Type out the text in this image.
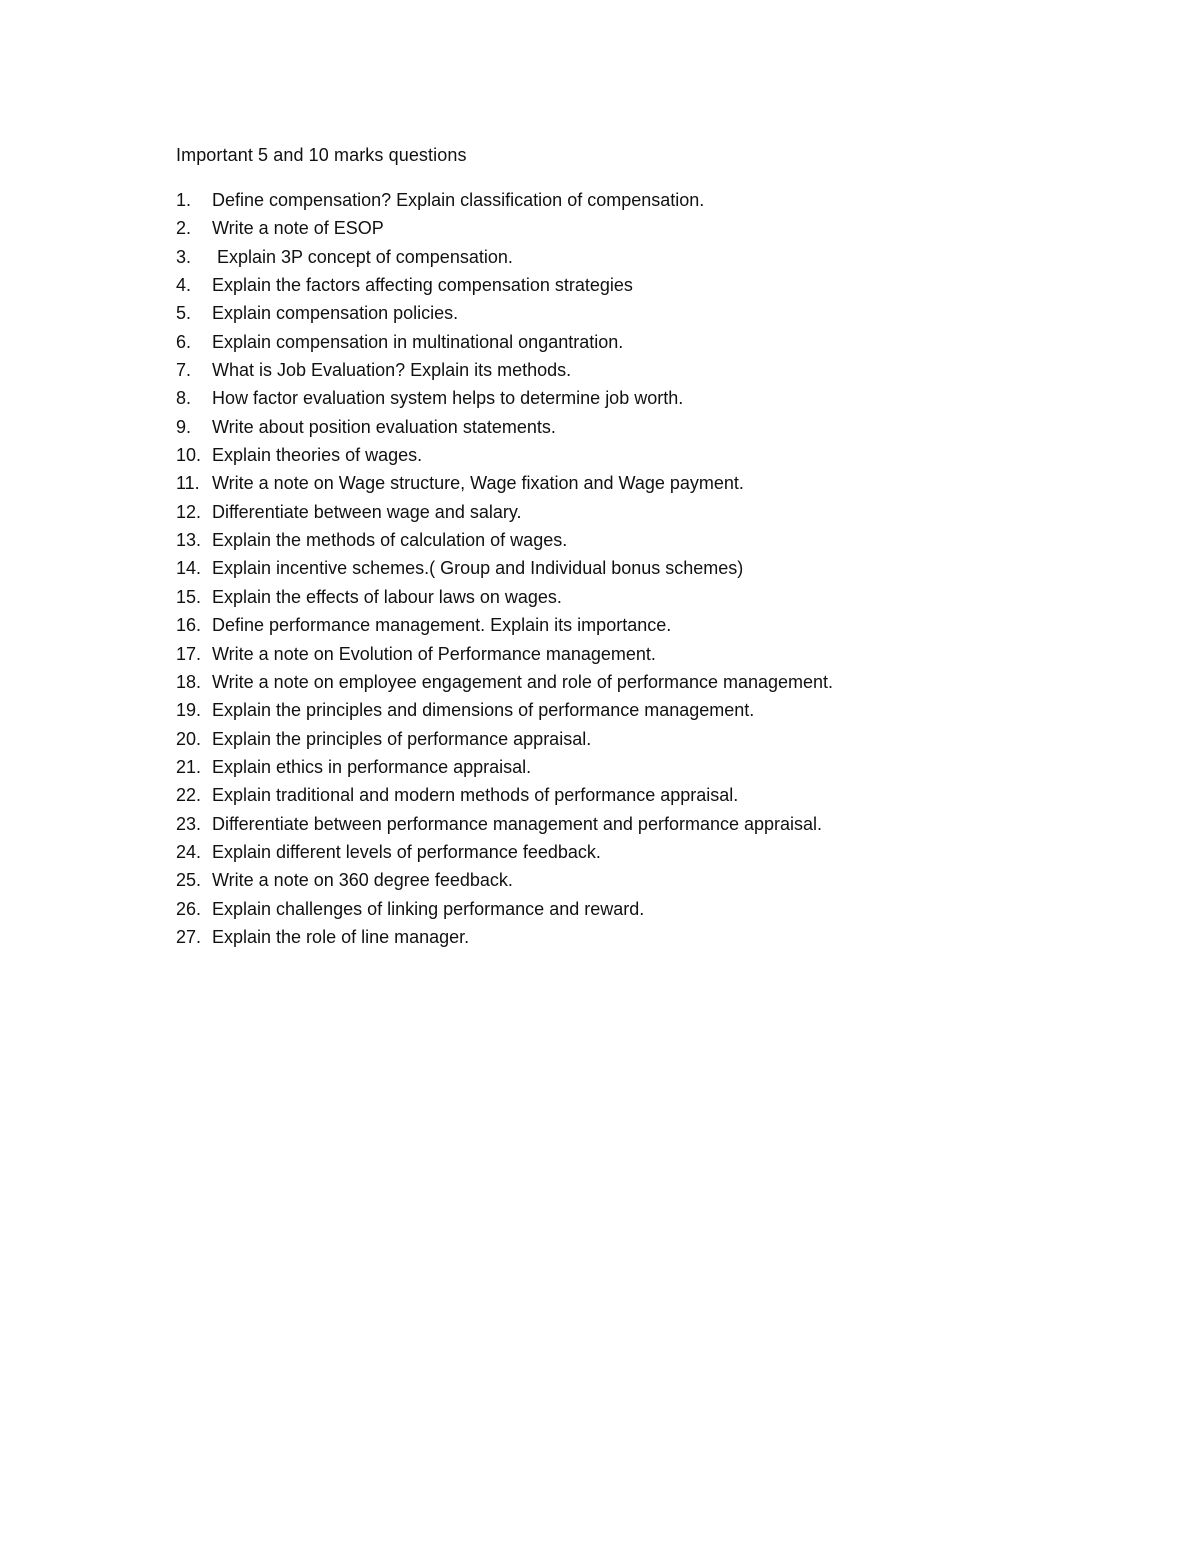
Important 5 and 10 marks questions
1.	Define compensation? Explain classification of compensation.
2.	Write a note of ESOP
3.	Explain 3P concept of compensation.
4.	Explain the factors affecting compensation strategies
5.	Explain compensation policies.
6.	Explain compensation in multinational ongantration.
7.	What is Job Evaluation? Explain its methods.
8.	How factor evaluation system helps to determine job worth.
9.	Write about position evaluation statements.
10. Explain theories of wages.
11. Write a note on Wage structure, Wage fixation and Wage payment.
12. Differentiate between wage and salary.
13. Explain the methods of calculation of wages.
14. Explain incentive schemes.( Group and Individual bonus schemes)
15. Explain the effects of labour laws on wages.
16. Define performance management. Explain its importance.
17. Write a note on Evolution of Performance management.
18. Write a note on employee engagement and role of performance management.
19. Explain the principles and dimensions of performance management.
20. Explain the principles of performance appraisal.
21. Explain ethics in performance appraisal.
22. Explain traditional and modern methods of performance appraisal.
23. Differentiate between performance management and performance appraisal.
24. Explain different levels of performance feedback.
25. Write a note on 360 degree feedback.
26. Explain challenges of linking performance and reward.
27. Explain the role of line manager.
